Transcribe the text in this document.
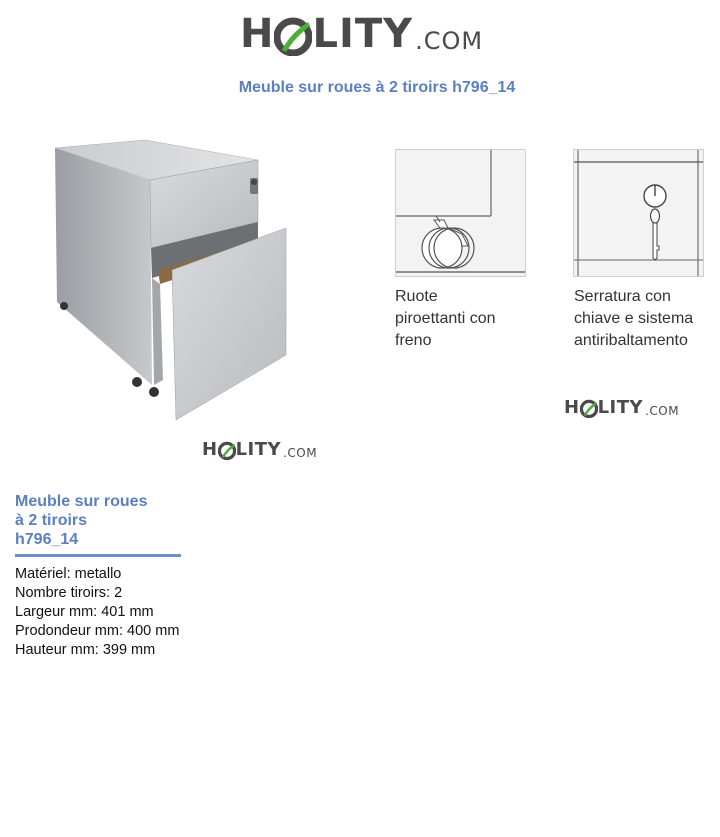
H LITY .COM
Meuble sur roues à 2 tiroirs h796_14
H LITY .COM
Ruote
piroettanti con
freno
Serratura con
chiave e sistema
antiribaltamento
H LITY .COM
Meuble sur roues
à 2 tiroirs
h796_14
Matériel: metallo
Nombre tiroirs: 2
Largeur mm: 401 mm
Prodondeur mm: 400 mm
Hauteur mm: 399 mm
